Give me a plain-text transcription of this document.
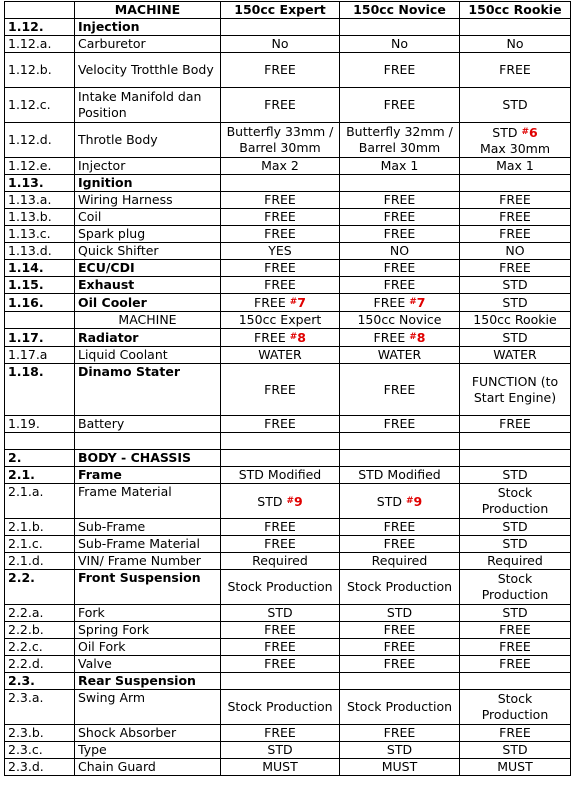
	MACHINE	150cc Expert	150cc Novice	150cc Rookie
1.12.	Injection			
1.12.a.	Carburetor	No	No	No
1.12.b.	Velocity Trotthle Body	FREE	FREE	FREE
1.12.c.	Intake Manifold dan Position	FREE	FREE	STD
1.12.d.	Throtle Body	Butterfly 33mm / Barrel 30mm	Butterfly 32mm / Barrel 30mm	STD #6
Max 30mm
1.12.e.	Injector	Max 2	Max 1	Max 1
1.13.	Ignition			
1.13.a.	Wiring Harness	FREE	FREE	FREE
1.13.b.	Coil	FREE	FREE	FREE
1.13.c.	Spark plug	FREE	FREE	FREE
1.13.d.	Quick Shifter	YES	NO	NO
1.14.	ECU/CDI	FREE	FREE	FREE
1.15.	Exhaust	FREE	FREE	STD
1.16.	Oil Cooler	FREE #7	FREE #7	STD
	MACHINE	150cc Expert	150cc Novice	150cc Rookie
1.17.	Radiator	FREE #8	FREE #8	STD
1.17.a	Liquid Coolant	WATER	WATER	WATER
1.18.	Dinamo Stater	FREE	FREE	FUNCTION (to Start Engine)
1.19.	Battery	FREE	FREE	FREE

2.	BODY - CHASSIS			
2.1.	Frame	STD Modified	STD Modified	STD
2.1.a.	Frame Material	STD #9	STD #9	Stock Production
2.1.b.	Sub-Frame	FREE	FREE	STD
2.1.c.	Sub-Frame Material	FREE	FREE	STD
2.1.d.	VIN/ Frame Number	Required	Required	Required
2.2.	Front Suspension	Stock Production	Stock Production	Stock Production
2.2.a.	Fork	STD	STD	STD
2.2.b.	Spring Fork	FREE	FREE	FREE
2.2.c.	Oil Fork	FREE	FREE	FREE
2.2.d.	Valve	FREE	FREE	FREE
2.3.	Rear Suspension			
2.3.a.	Swing Arm	Stock Production	Stock Production	Stock Production
2.3.b.	Shock Absorber	FREE	FREE	FREE
2.3.c.	Type	STD	STD	STD
2.3.d.	Chain Guard	MUST	MUST	MUST
